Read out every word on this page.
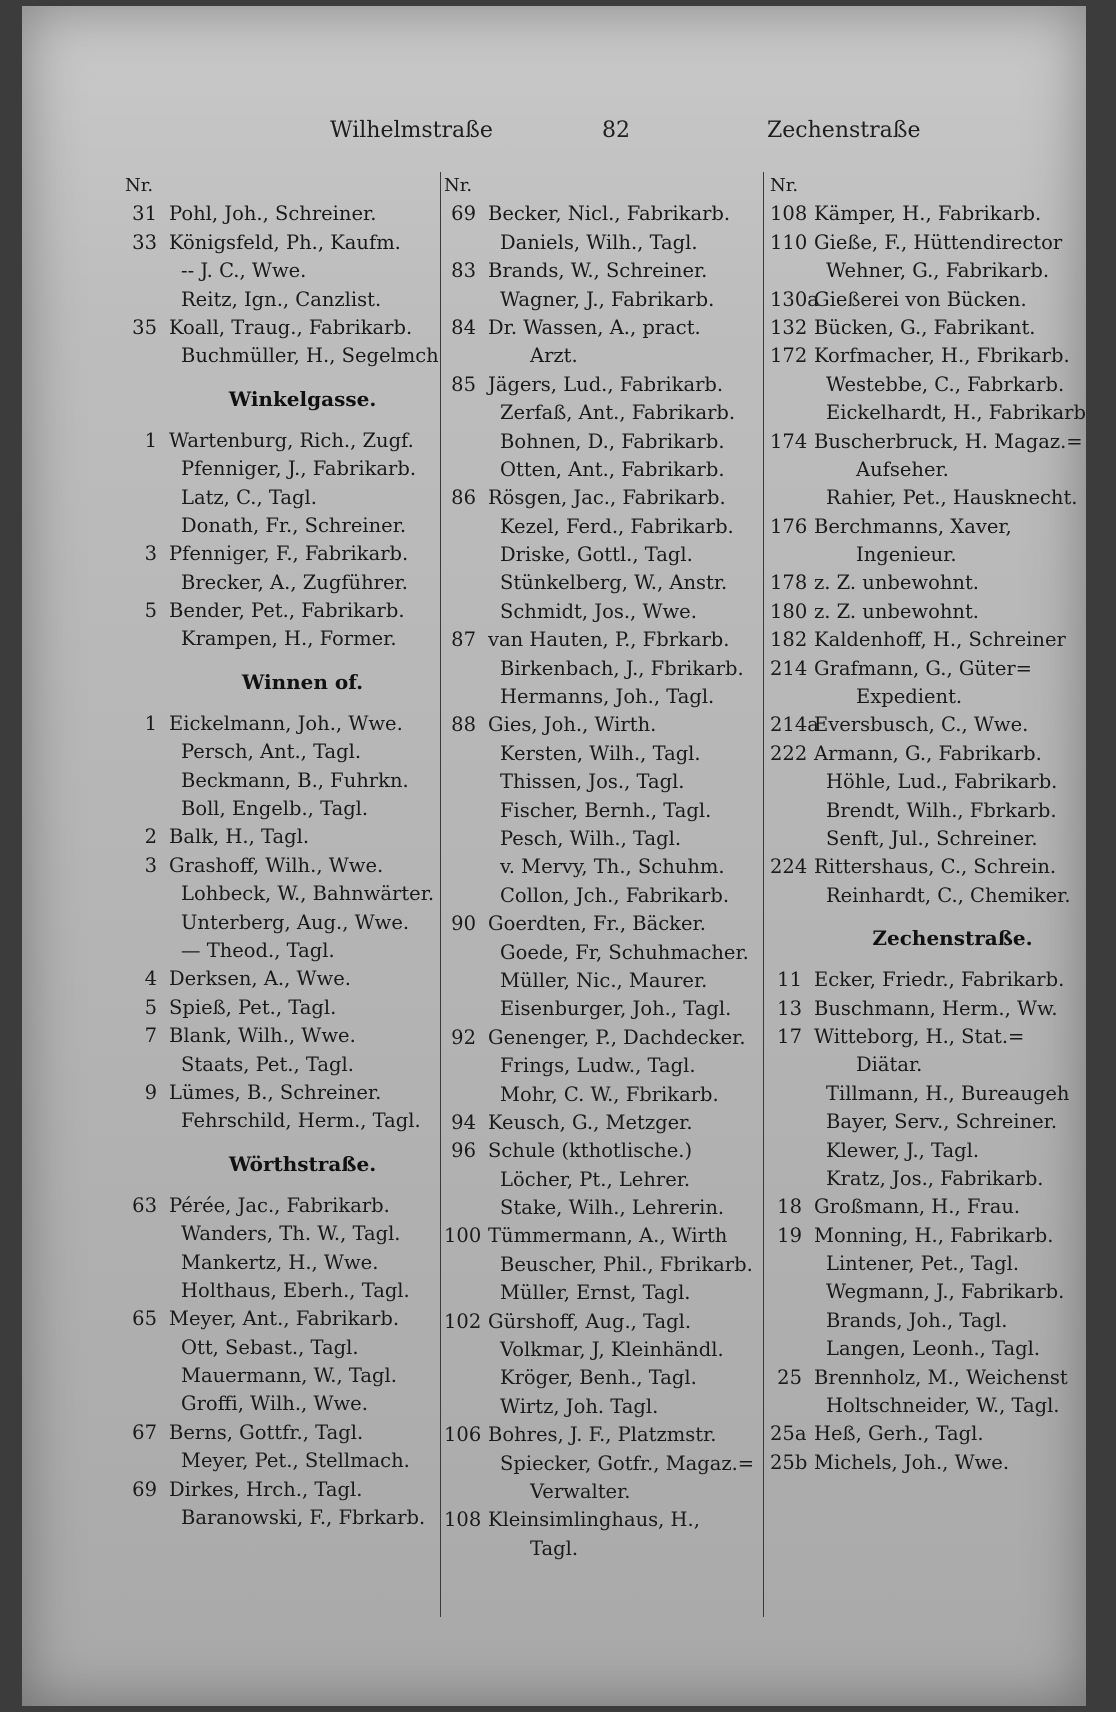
Wilhelmstraße	82	Zechenstraße
Nr.
31 Pohl, Joh., Schreiner.
33 Königsfeld, Ph., Kaufm.
-- J. C., Wwe.
Reitz, Ign., Canzlist.
35 Koall, Traug., Fabrikarb.
Buchmüller, H., Segelmch
Winkelgasse.
1 Wartenburg, Rich., Zugf.
Pfenniger, J., Fabrikarb.
Latz, C., Tagl.
Donath, Fr., Schreiner.
3 Pfenniger, F., Fabrikarb.
Brecker, A., Zugführer.
5 Bender, Pet., Fabrikarb.
Krampen, H., Former.
Winnen of.
1 Eickelmann, Joh., Wwe.
Persch, Ant., Tagl.
Beckmann, B., Fuhrkn.
Boll, Engelb., Tagl.
2 Balk, H., Tagl.
3 Grashoff, Wilh., Wwe.
Lohbeck, W., Bahnwärter.
Unterberg, Aug., Wwe.
— Theod., Tagl.
4 Derksen, A., Wwe.
5 Spieß, Pet., Tagl.
7 Blank, Wilh., Wwe.
Staats, Pet., Tagl.
9 Lümes, B., Schreiner.
Fehrschild, Herm., Tagl.
Wörthstraße.
63 Pérée, Jac., Fabrikarb.
Wanders, Th. W., Tagl.
Mankertz, H., Wwe.
Holthaus, Eberh., Tagl.
65 Meyer, Ant., Fabrikarb.
Ott, Sebast., Tagl.
Mauermann, W., Tagl.
Groffi, Wilh., Wwe.
67 Berns, Gottfr., Tagl.
Meyer, Pet., Stellmach.
69 Dirkes, Hrch., Tagl.
Baranowski, F., Fbrkarb.
Nr.
69 Becker, Nicl., Fabrikarb.
Daniels, Wilh., Tagl.
83 Brands, W., Schreiner.
Wagner, J., Fabrikarb.
84 Dr. Wassen, A., pract.
Arzt.
85 Jägers, Lud., Fabrikarb.
Zerfaß, Ant., Fabrikarb.
Bohnen, D., Fabrikarb.
Otten, Ant., Fabrikarb.
86 Rösgen, Jac., Fabrikarb.
Kezel, Ferd., Fabrikarb.
Driske, Gottl., Tagl.
Stünkelberg, W., Anstr.
Schmidt, Jos., Wwe.
87 van Hauten, P., Fbrkarb.
Birkenbach, J., Fbrikarb.
Hermanns, Joh., Tagl.
88 Gies, Joh., Wirth.
Kersten, Wilh., Tagl.
Thissen, Jos., Tagl.
Fischer, Bernh., Tagl.
Pesch, Wilh., Tagl.
v. Mervy, Th., Schuhm.
Collon, Jch., Fabrikarb.
90 Goerdten, Fr., Bäcker.
Goede, Fr, Schuhmacher.
Müller, Nic., Maurer.
Eisenburger, Joh., Tagl.
92 Genenger, P., Dachdecker.
Frings, Ludw., Tagl.
Mohr, C. W., Fbrikarb.
94 Keusch, G., Metzger.
96 Schule (kthotlische.)
Löcher, Pt., Lehrer.
Stake, Wilh., Lehrerin.
100 Tümmermann, A., Wirth
Beuscher, Phil., Fbrikarb.
Müller, Ernst, Tagl.
102 Gürshoff, Aug., Tagl.
Volkmar, J, Kleinhändl.
Kröger, Benh., Tagl.
Wirtz, Joh. Tagl.
106 Bohres, J. F., Platzmstr.
Spiecker, Gotfr., Magaz.=
Verwalter.
108 Kleinsimlinghaus, H.,
Tagl.
Nr.
108 Kämper, H., Fabrikarb.
110 Gieße, F., Hüttendirector
Wehner, G., Fabrikarb.
130aGießerei von Bücken.
132 Bücken, G., Fabrikant.
172 Korfmacher, H., Fbrikarb.
Westebbe, C., Fabrkarb.
Eickelhardt, H., Fabrikarb
174 Buscherbruck, H. Magaz.=
Aufseher.
Rahier, Pet., Hausknecht.
176 Berchmanns, Xaver,
Ingenieur.
178 z. Z. unbewohnt.
180 z. Z. unbewohnt.
182 Kaldenhoff, H., Schreiner
214 Grafmann, G., Güter=
Expedient.
214aEversbusch, C., Wwe.
222 Armann, G., Fabrikarb.
Höhle, Lud., Fabrikarb.
Brendt, Wilh., Fbrkarb.
Senft, Jul., Schreiner.
224 Rittershaus, C., Schrein.
Reinhardt, C., Chemiker.
Zechenstraße.
11 Ecker, Friedr., Fabrikarb.
13 Buschmann, Herm., Ww.
17 Witteborg, H., Stat.=
Diätar.
Tillmann, H., Bureaugeh
Bayer, Serv., Schreiner.
Klewer, J., Tagl.
Kratz, Jos., Fabrikarb.
18 Großmann, H., Frau.
19 Monning, H., Fabrikarb.
Lintener, Pet., Tagl.
Wegmann, J., Fabrikarb.
Brands, Joh., Tagl.
Langen, Leonh., Tagl.
25 Brennholz, M., Weichenst
Holtschneider, W., Tagl.
25a Heß, Gerh., Tagl.
25b Michels, Joh., Wwe.
